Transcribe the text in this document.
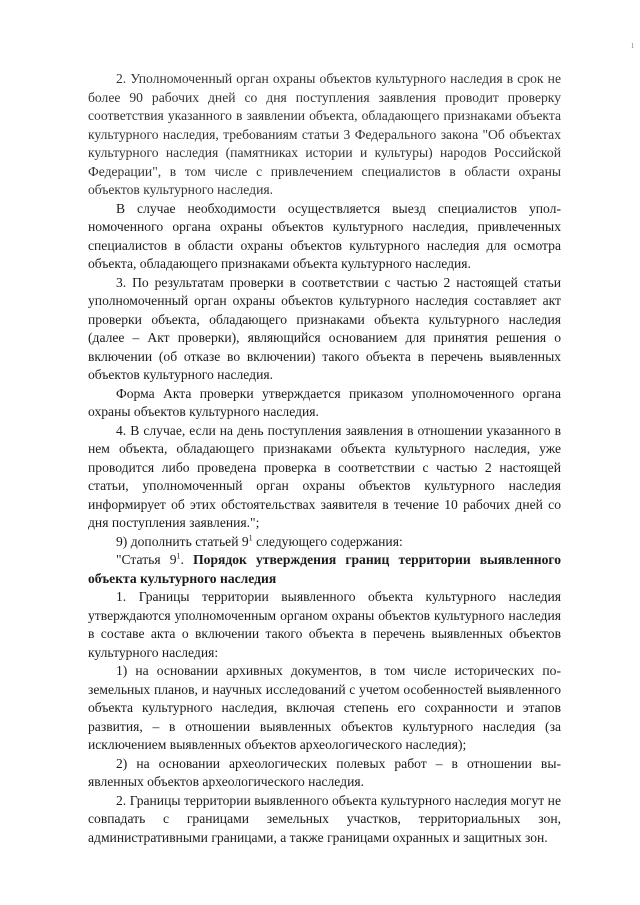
ı

2. Уполномоченный орган охраны объектов культурного наследия в срок не более 90 рабочих дней со дня поступления заявления проводит проверку соответствия указанного в заявлении объекта, обладающего признаками объекта культурного наследия, требованиям статьи 3 Федерального закона "Об объектах культурного наследия (памятниках истории и культуры) народов Российской Федерации", в том числе с привлечением специалистов в области охраны объектов культурного наследия.

В случае необходимости осуществляется выезд специалистов уполномоченного органа охраны объектов культурного наследия, привлеченных специалистов в области охраны объектов культурного наследия для осмотра объекта, обладающего признаками объекта культурного наследия.

3. По результатам проверки в соответствии с частью 2 настоящей статьи уполномоченный орган охраны объектов культурного наследия составляет акт проверки объекта, обладающего признаками объекта культурного наследия (далее – Акт проверки), являющийся основанием для принятия решения о включении (об отказе во включении) такого объекта в перечень выявленных объектов культурного наследия.

Форма Акта проверки утверждается приказом уполномоченного органа охраны объектов культурного наследия.

4. В случае, если на день поступления заявления в отношении указанного в нем объекта, обладающего признаками объекта культурного наследия, уже проводится либо проведена проверка в соответствии с частью 2 настоящей статьи, уполномоченный орган охраны объектов культурного наследия информирует об этих обстоятельствах заявителя в течение 10 рабочих дней со дня поступления заявления.";

9) дополнить статьей $9^1$ следующего содержания:

"Статья $9^1$. Порядок утверждения границ территории выявленного объекта культурного наследия

1. Границы территории выявленного объекта культурного наследия утверждаются уполномоченным органом охраны объектов культурного наследия в составе акта о включении такого объекта в перечень выявленных объектов культурного наследия:

1) на основании архивных документов, в том числе исторических поземельных планов, и научных исследований с учетом особенностей выявленного объекта культурного наследия, включая степень его сохранности и этапов развития, – в отношении выявленных объектов культурного наследия (за исключением выявленных объектов археологического наследия);

2) на основании археологических полевых работ – в отношении выявленных объектов археологического наследия.

2. Границы территории выявленного объекта культурного наследия могут не совпадать с границами земельных участков, территориальных зон, административными границами, а также границами охранных и защитных зон.
